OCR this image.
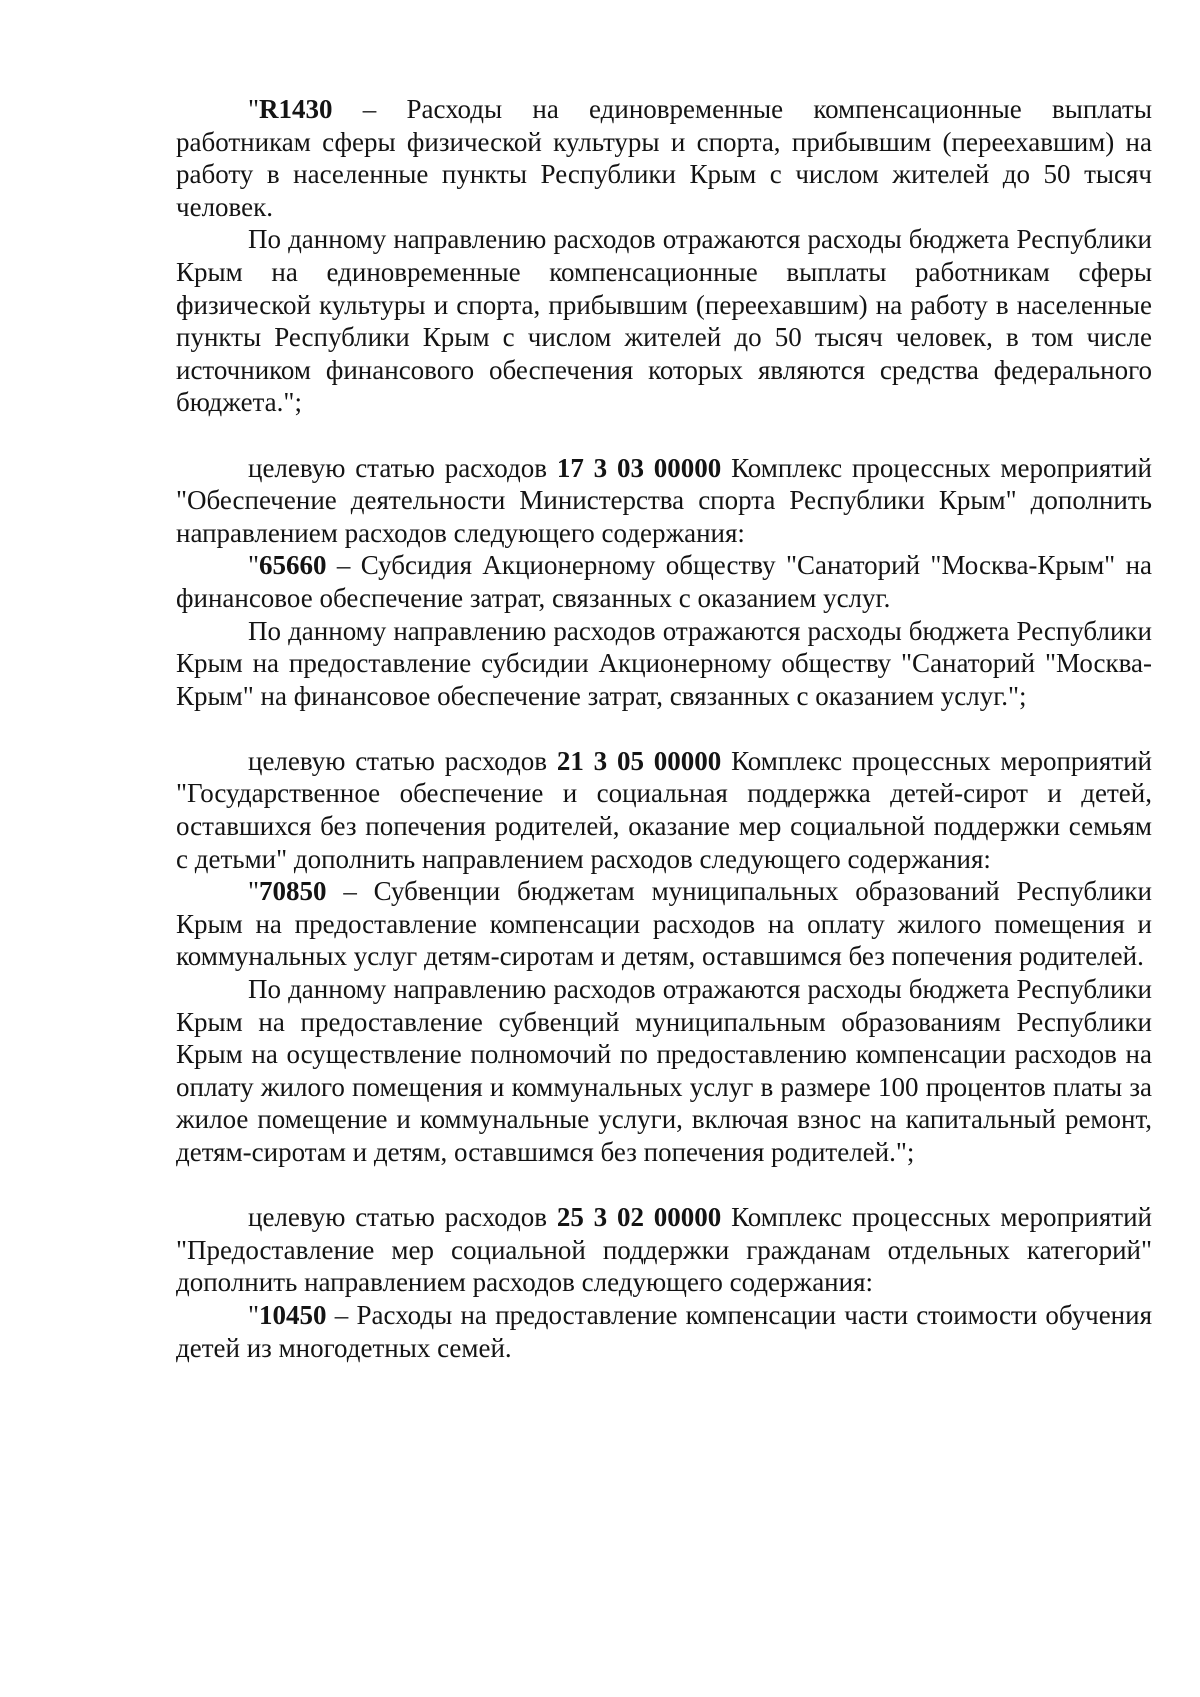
"R1430 – Расходы на единовременные компенсационные выплаты работникам сферы физической культуры и спорта, прибывшим (переехавшим) на работу в населенные пункты Республики Крым с числом жителей до 50 тысяч человек.

По данному направлению расходов отражаются расходы бюджета Республики Крым на единовременные компенсационные выплаты работникам сферы физической культуры и спорта, прибывшим (переехавшим) на работу в населенные пункты Республики Крым с числом жителей до 50 тысяч человек, в том числе источником финансового обеспечения которых являются средства федерального бюджета.";

целевую статью расходов 17 3 03 00000 Комплекс процессных мероприятий "Обеспечение деятельности Министерства спорта Республики Крым" дополнить направлением расходов следующего содержания:

"65660 – Субсидия Акционерному обществу "Санаторий "Москва-Крым" на финансовое обеспечение затрат, связанных с оказанием услуг.

По данному направлению расходов отражаются расходы бюджета Республики Крым на предоставление субсидии Акционерному обществу "Санаторий "Москва-Крым" на финансовое обеспечение затрат, связанных с оказанием услуг.";

целевую статью расходов 21 3 05 00000 Комплекс процессных мероприятий "Государственное обеспечение и социальная поддержка детей-сирот и детей, оставшихся без попечения родителей, оказание мер социальной поддержки семьям с детьми" дополнить направлением расходов следующего содержания:

"70850 – Субвенции бюджетам муниципальных образований Республики Крым на предоставление компенсации расходов на оплату жилого помещения и коммунальных услуг детям-сиротам и детям, оставшимся без попечения родителей.

По данному направлению расходов отражаются расходы бюджета Республики Крым на предоставление субвенций муниципальным образованиям Республики Крым на осуществление полномочий по предоставлению компенсации расходов на оплату жилого помещения и коммунальных услуг в размере 100 процентов платы за жилое помещение и коммунальные услуги, включая взнос на капитальный ремонт, детям-сиротам и детям, оставшимся без попечения родителей.";

целевую статью расходов 25 3 02 00000 Комплекс процессных мероприятий "Предоставление мер социальной поддержки гражданам отдельных категорий" дополнить направлением расходов следующего содержания:

"10450 – Расходы на предоставление компенсации части стоимости обучения детей из многодетных семей.
